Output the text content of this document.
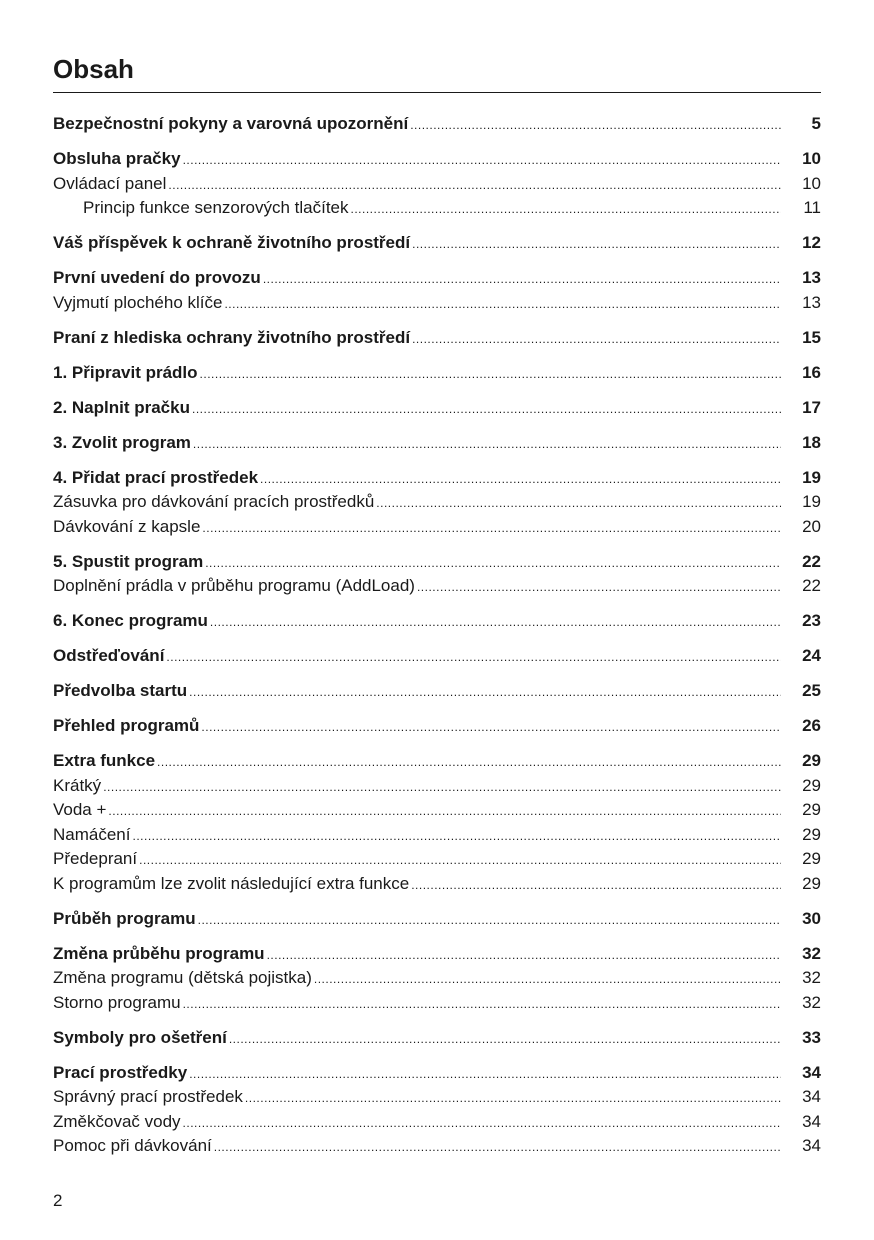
Obsah
Bezpečnostní pokyny a varovná upozornění .....	5
Obsluha pračky .....	10
Ovládací panel .....	10
Princip funkce senzorových tlačítek .....	11
Váš příspěvek k ochraně životního prostředí .....	12
První uvedení do provozu .....	13
Vyjmutí plochého klíče .....	13
Praní z hlediska ochrany životního prostředí .....	15
1. Připravit prádlo .....	16
2. Naplnit pračku .....	17
3. Zvolit program .....	18
4. Přidat prací prostředek .....	19
Zásuvka pro dávkování pracích prostředků .....	19
Dávkování z kapsle .....	20
5. Spustit program .....	22
Doplnění prádla v průběhu programu (AddLoad) .....	22
6. Konec programu .....	23
Odstřeďování .....	24
Předvolba startu .....	25
Přehled programů .....	26
Extra funkce .....	29
Krátký .....	29
Voda + .....	29
Namáčení .....	29
Předepraní .....	29
K programům lze zvolit následující extra funkce .....	29
Průběh programu .....	30
Změna průběhu programu .....	32
Změna programu (dětská pojistka) .....	32
Storno programu .....	32
Symboly pro ošetření .....	33
Prací prostředky .....	34
Správný prací prostředek .....	34
Změkčovač vody .....	34
Pomoc při dávkování .....	34
2
